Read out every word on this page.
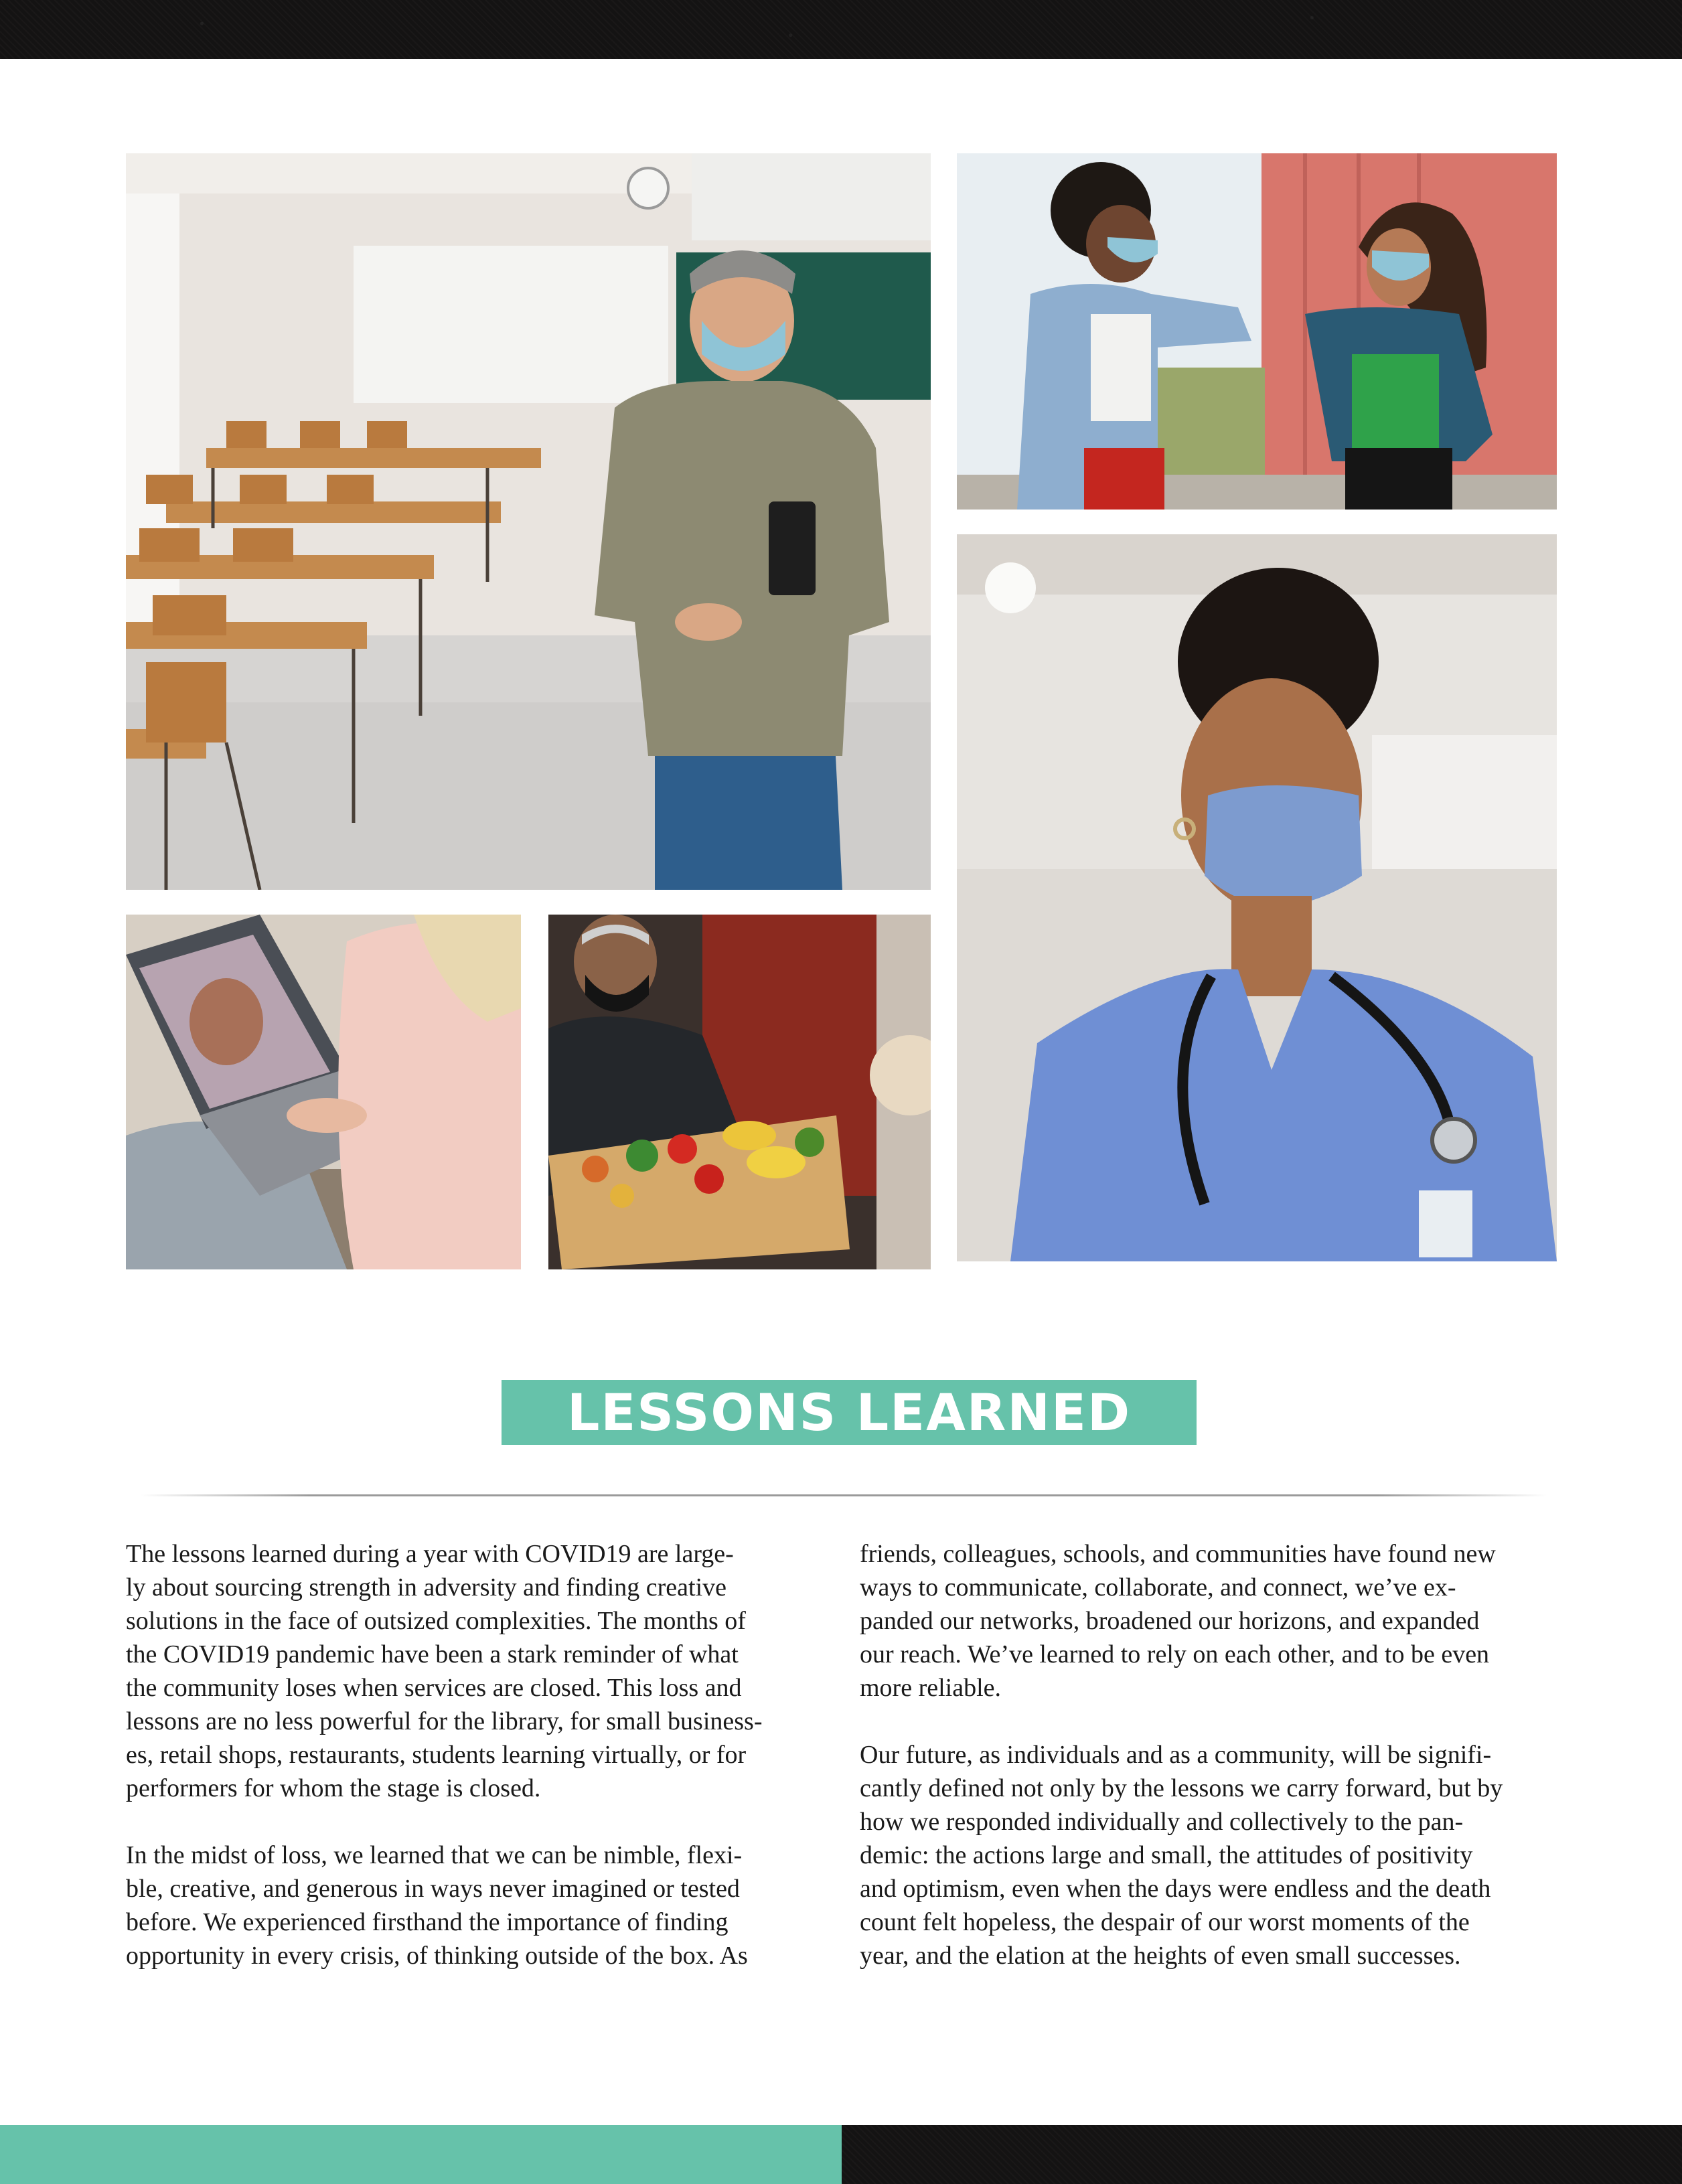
LESSONS LEARNED

The lessons learned during a year with COVID19 are large-
ly about sourcing strength in adversity and finding creative
solutions in the face of outsized complexities. The months of
the COVID19 pandemic have been a stark reminder of what
the community loses when services are closed. This loss and
lessons are no less powerful for the library, for small business-
es, retail shops, restaurants, students learning virtually, or for
performers for whom the stage is closed.

In the midst of loss, we learned that we can be nimble, flexi-
ble, creative, and generous in ways never imagined or tested
before. We experienced firsthand the importance of finding
opportunity in every crisis, of thinking outside of the box. As

friends, colleagues, schools, and communities have found new
ways to communicate, collaborate, and connect, we’ve ex-
panded our networks, broadened our horizons, and expanded
our reach. We’ve learned to rely on each other, and to be even
more reliable.

Our future, as individuals and as a community, will be signifi-
cantly defined not only by the lessons we carry forward, but by
how we responded individually and collectively to the pan-
demic: the actions large and small, the attitudes of positivity
and optimism, even when the days were endless and the death
count felt hopeless, the despair of our worst moments of the
year, and the elation at the heights of even small successes.
